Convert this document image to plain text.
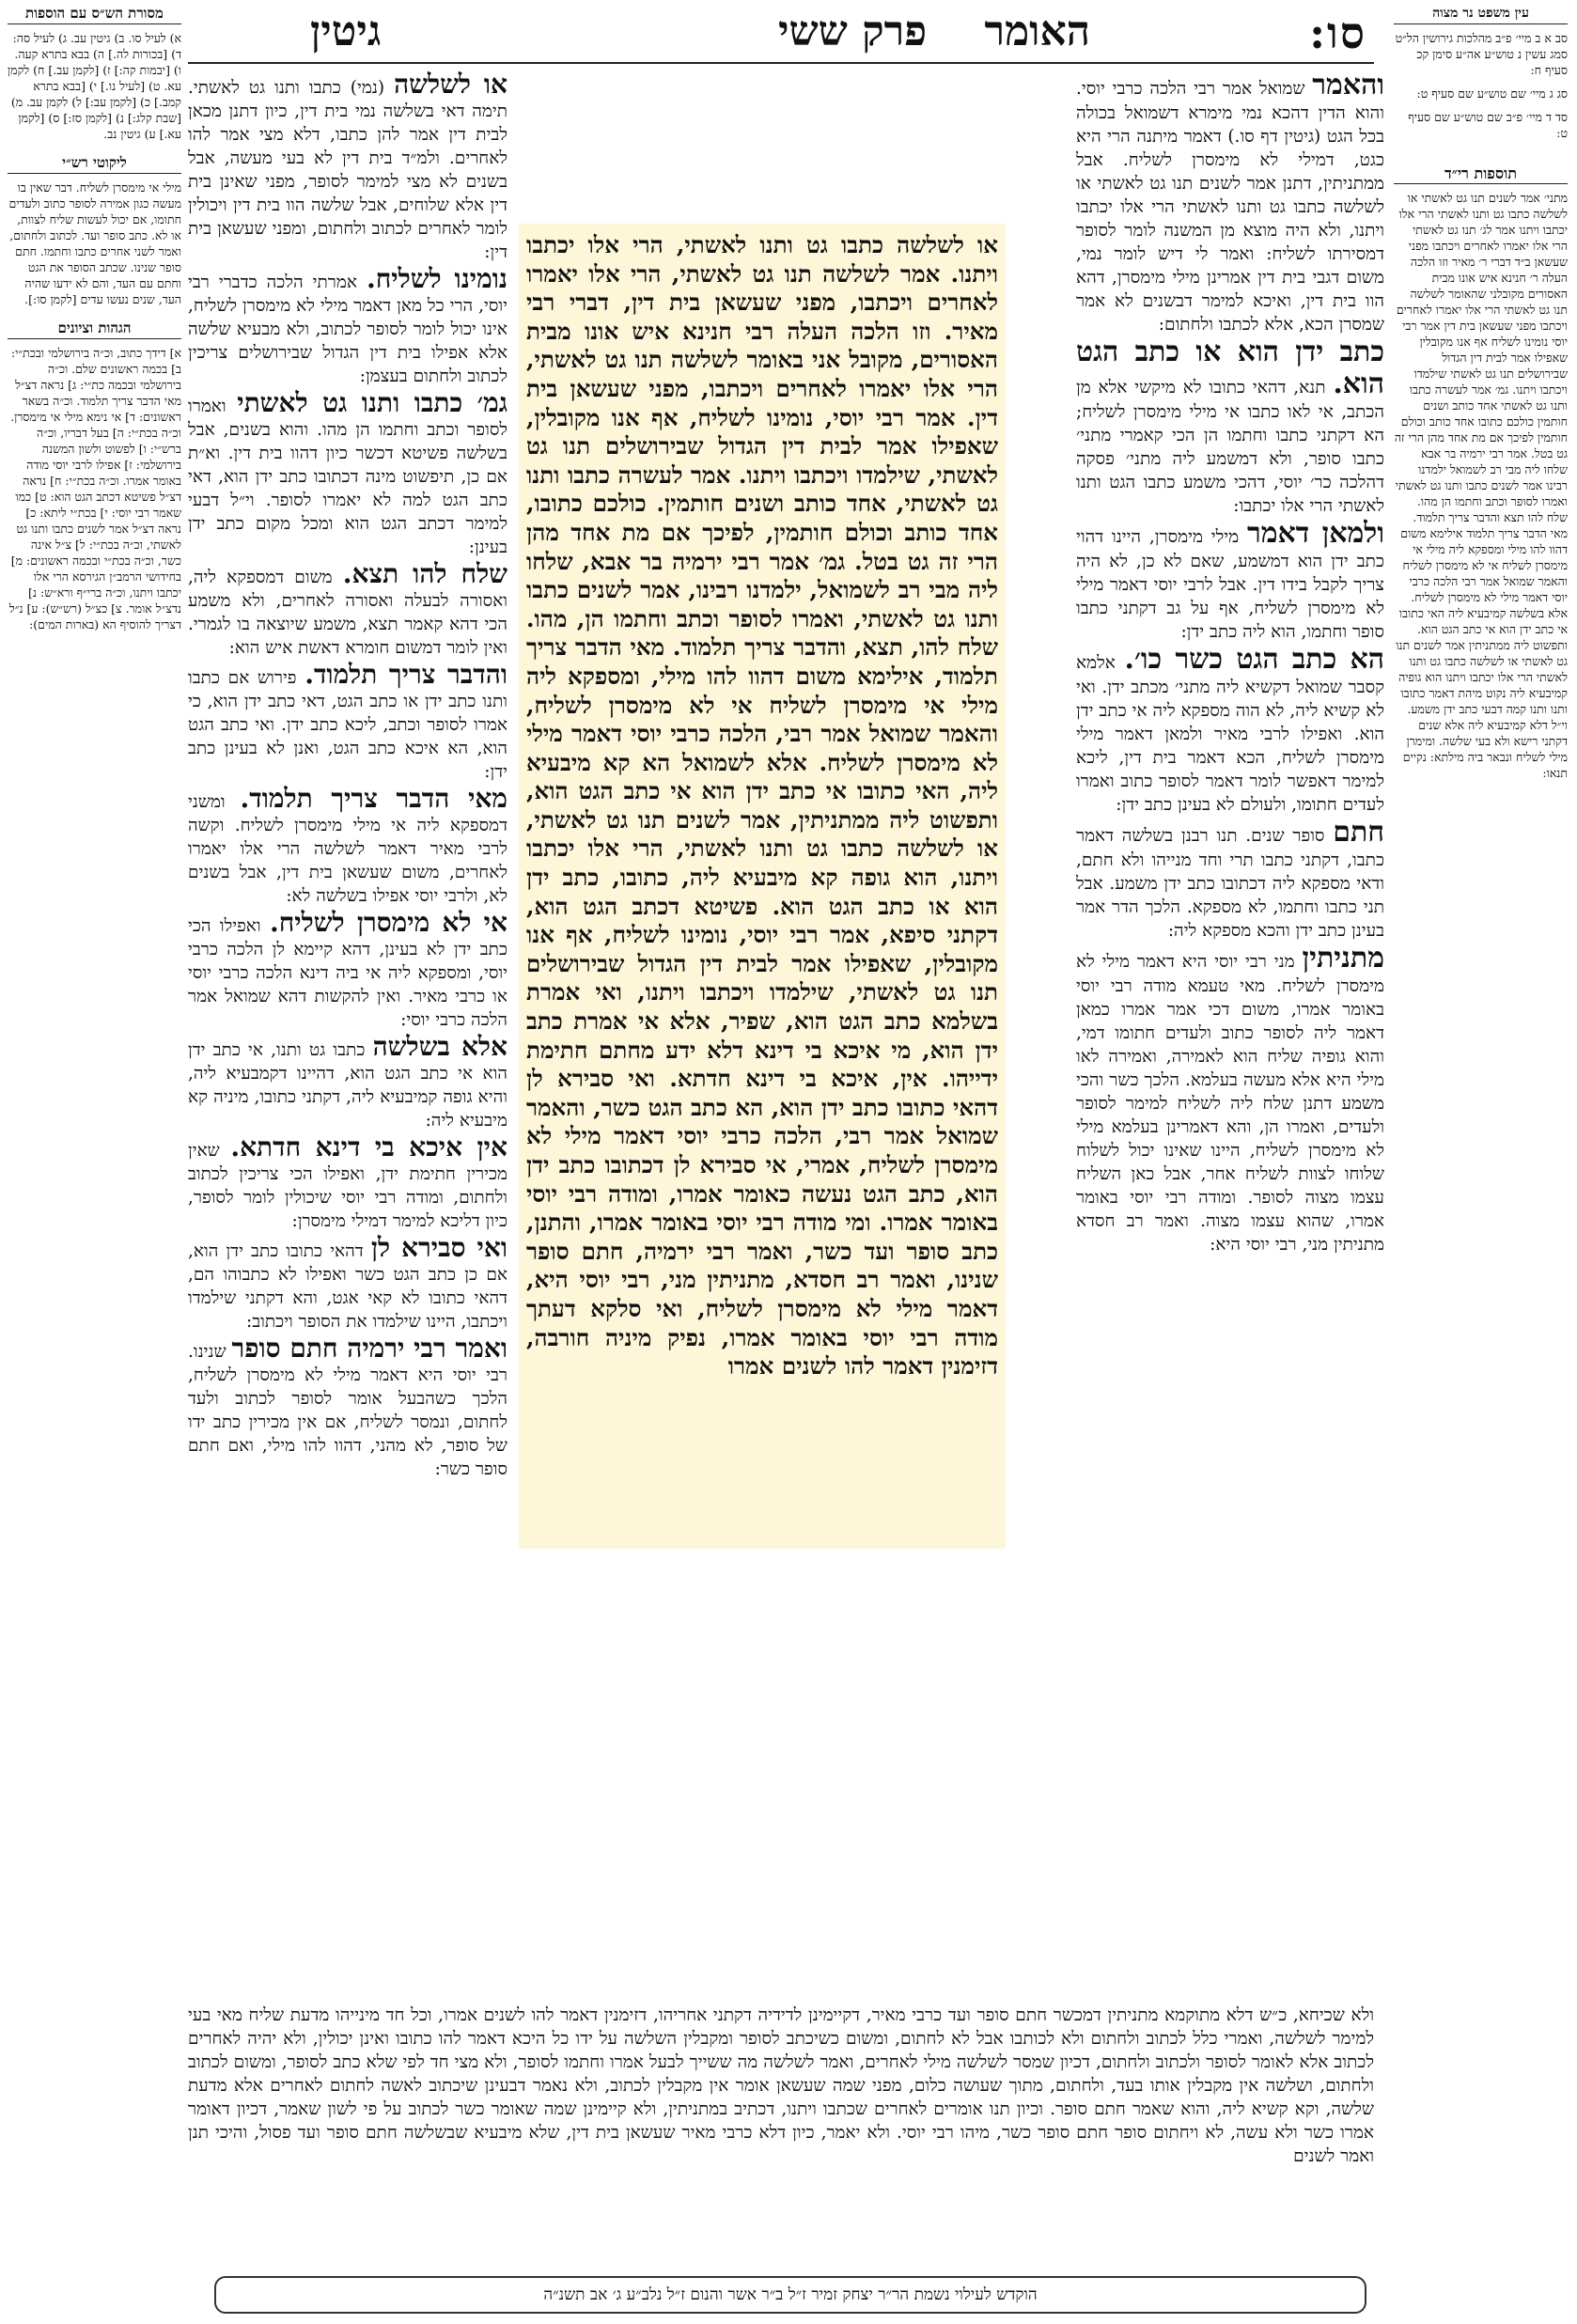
סו:
האומר    פרק ששי
גיטין	עין משפט נר מצוה

סב א ב מיי׳ פ״ב מהלכות גירושין הל״ט סמג עשין נ טוש״ע אה״ע סימן קכ סעיף ח:

סג ג מיי׳ שם טוש״ע שם סעיף ט:

סד ד מיי׳ פ״ב שם טוש״ע שם סעיף ט:

תוספות רי״ד

מתני׳ אמר לשנים תנו גט לאשתי או לשלשה כתבו גט ותנו לאשתי הרי אלו יכתבו ויתנו אמר לג׳ תנו גט לאשתי הרי אלו יאמרו לאחרים ויכתבו מפני שעשאן ב״ד דברי ר׳ מאיר וזו הלכה העלה ר׳ חנינא איש אונו מבית האסורים מקובלני שהאומר לשלשה תנו גט לאשתי הרי אלו יאמרו לאחרים ויכתבו מפני שעשאן בית דין אמר רבי יוסי נומינו לשליח אף אנו מקובלין שאפילו אמר לבית דין הגדול שבירושלים תנו גט לאשתי שילמדו ויכתבו ויתנו. גמ׳ אמר לעשרה כתבו ותנו גט לאשתי אחד כותב ושנים חותמין כולכם כתובו אחד כותב וכולם חותמין לפיכך אם מת אחד מהן הרי זה גט בטל. אמר רבי ירמיה בר אבא שלחו ליה מבי רב לשמואל ילמדנו רבינו אמר לשנים כתבו ותנו גט לאשתי ואמרו לסופר וכתב וחתמו הן מהו. שלח להו תצא והדבר צריך תלמוד. מאי הדבר צריך תלמוד אילימא משום דהוו להו מילי ומספקא ליה מילי אי מימסרן לשליח אי לא מימסרן לשליח והאמר שמואל אמר רבי הלכה כרבי יוסי דאמר מילי לא מימסרן לשליח. אלא בשלשה קמיבעיא ליה האי כתובו אי כתב ידן הוא אי כתב הגט הוא. ותפשוט ליה ממתניתין אמר לשנים תנו גט לאשתי או לשלשה כתבו גט ותנו לאשתי הרי אלו יכתבו ויתנו הוא גופיה קמיבעיא ליה נקוט מיהת דאמר כתובו ותנו ותנו קמה דבעי כתב ידן משמע. וי״ל דלא קמיבעיא ליה אלא שנים דקתני רישא ולא בעי שלשה. ומימרן מילי לשליח ונבאר ביה מילתא: נקיים תנאו:

והאמר שמואל אמר רבי הלכה כרבי יוסי. והוא הדין דהכא נמי מימרא דשמואל בכולה בכל הגט (גיטין דף סו.) דאמר מיתנה הרי היא כגט, דמילי לא מימסרן לשליח. אבל ממתניתין, דתנן אמר לשנים תנו גט לאשתי או לשלשה כתבו גט ותנו לאשתי הרי אלו יכתבו ויתנו, ולא היה מוצא מן המשנה לומר לסופר דמסירתו לשליח: ואמר לי דיש לומר נמי, משום דגבי בית דין אמרינן מילי מימסרן, דהא הוו בית דין, ואיכא למימר דבשנים לא אמר שמסרן הכא, אלא לכתבו ולחתום:

כתב ידן הוא או כתב הגט הוא. תנא, דהאי כתובו לא מיקשי אלא מן הכתב, אי לאו כתבו אי מילי מימסרן לשליח; הא דקתני כתבו וחתמו הן הכי קאמרי מתני׳ כתבו סופר, ולא דמשמע ליה מתני׳ פסקה דהלכה כר׳ יוסי, דהכי משמע כתבו הגט ותנו לאשתי הרי אלו יכתבו:

ולמאן דאמר מילי מימסרן, היינו דהוי כתב ידן הוא דמשמע, שאם לא כן, לא היה צריך לקבל בידו דין. אבל לרבי יוסי דאמר מילי לא מימסרן לשליח, אף על גב דקתני כתבו סופר וחתמו, הוא ליה כתב ידן:

הא כתב הגט כשר כו׳. אלמא קסבר שמואל דקשיא ליה מתני׳ מכתב ידן. ואי לא קשיא ליה, לא הוה מספקא ליה אי כתב ידן הוא. ואפילו לרבי מאיר ולמאן דאמר מילי מימסרן לשליח, הכא דאמר בית דין, ליכא למימר דאפשר לומר דאמר לסופר כתוב ואמרו לעדים חתומו, ולעולם לא בעינן כתב ידן:

חתם סופר שנים. תנו רבנן בשלשה דאמר כתבו, דקתני כתבו תרי וחד מנייהו ולא חתם, ודאי מספקא ליה דכתובו כתב ידן משמע. אבל תני כתבו וחתמו, לא מספקא. הלכך הדר אמר בעינן כתב ידן והכא מספקא ליה:

מתניתין מני רבי יוסי היא דאמר מילי לא מימסרן לשליח. מאי טעמא מודה רבי יוסי באומר אמרו, משום דכי אמר אמרו כמאן דאמר ליה לסופר כתוב ולעדים חתומו דמי, והוא גופיה שליח הוא לאמירה, ואמירה לאו מילי היא אלא מעשה בעלמא. הלכך כשר והכי משמע דתנן שלח ליה לשליח למימר לסופר ולעדים, ואמרו הן, והא דאמרינן בעלמא מילי לא מימסרן לשליח, היינו שאינו יכול לשלוח שלוחו לצוות לשליח אחר, אבל כאן השליח עצמו מצוה לסופר. ומודה רבי יוסי באומר אמרו, שהוא עצמו מצוה. ואמר רב חסדא מתניתין מני, רבי יוסי היא:

או לשלשה כתבו גט ותנו לאשתי, הרי אלו יכתבו ויתנו. אמר לשלשה תנו גט לאשתי, הרי אלו יאמרו לאחרים ויכתבו, מפני שעשאן בית דין, דברי רבי מאיר. וזו הלכה העלה רבי חנינא איש אונו מבית האסורים, מקובל אני באומר לשלשה תנו גט לאשתי, הרי אלו יאמרו לאחרים ויכתבו, מפני שעשאן בית דין. אמר רבי יוסי, נומינו לשליח, אף אנו מקובלין, שאפילו אמר לבית דין הגדול שבירושלים תנו גט לאשתי, שילמדו ויכתבו ויתנו. אמר לעשרה כתבו ותנו גט לאשתי, אחד כותב ושנים חותמין. כולכם כתובו, אחד כותב וכולם חותמין, לפיכך אם מת אחד מהן הרי זה גט בטל. גמ׳ אמר רבי ירמיה בר אבא, שלחו ליה מבי רב לשמואל, ילמדנו רבינו, אמר לשנים כתבו ותנו גט לאשתי, ואמרו לסופר וכתב וחתמו הן, מהו. שלח להו, תצא, והדבר צריך תלמוד. מאי הדבר צריך תלמוד, אילימא משום דהוו להו מילי, ומספקא ליה מילי אי מימסרן לשליח אי לא מימסרן לשליח, והאמר שמואל אמר רבי, הלכה כרבי יוסי דאמר מילי לא מימסרן לשליח. אלא לשמואל הא קא מיבעיא ליה, האי כתובו אי כתב ידן הוא אי כתב הגט הוא, ותפשוט ליה ממתניתין, אמר לשנים תנו גט לאשתי, או לשלשה כתבו גט ותנו לאשתי, הרי אלו יכתבו ויתנו, הוא גופה קא מיבעיא ליה, כתובו, כתב ידן הוא או כתב הגט הוא. פשיטא דכתב הגט הוא, דקתני סיפא, אמר רבי יוסי, נומינו לשליח, אף אנו מקובלין, שאפילו אמר לבית דין הגדול שבירושלים תנו גט לאשתי, שילמדו ויכתבו ויתנו, ואי אמרת בשלמא כתב הגט הוא, שפיר, אלא אי אמרת כתב ידן הוא, מי איכא בי דינא דלא ידע מחתם חתימת ידייהו. אין, איכא בי דינא חדתא. ואי סבירא לן דהאי כתובו כתב ידן הוא, הא כתב הגט כשר, והאמר שמואל אמר רבי, הלכה כרבי יוסי דאמר מילי לא מימסרן לשליח, אמרי, אי סבירא לן דכתובו כתב ידן הוא, כתב הגט נעשה כאומר אמרו, ומודה רבי יוסי באומר אמרו. ומי מודה רבי יוסי באומר אמרו, והתנן, כתב סופר ועד כשר, ואמר רבי ירמיה, חתם סופר שנינו, ואמר רב חסדא, מתניתין מני, רבי יוסי היא, דאמר מילי לא מימסרן לשליח, ואי סלקא דעתך מודה רבי יוסי באומר אמרו, נפיק מיניה חורבה, דזימנין דאמר להו לשנים אמרו

או לשלשה (נמי) כתבו ותנו גט לאשתי. תימה דאי בשלשה נמי בית דין, כיון דתנן מכאן לבית דין אמר להן כתבו, דלא מצי אמר להו לאחרים. ולמ״ד בית דין לא בעי מעשה, אבל בשנים לא מצי למימר לסופר, מפני שאינן בית דין אלא שלוחים, אבל שלשה הוו בית דין ויכולין לומר לאחרים לכתוב ולחתום, ומפני שעשאן בית דין:

נומינו לשליח. אמרתי הלכה כדברי רבי יוסי, הרי כל מאן דאמר מילי לא מימסרן לשליח, אינו יכול לומר לסופר לכתוב, ולא מבעיא שלשה אלא אפילו בית דין הגדול שבירושלים צריכין לכתוב ולחתום בעצמן:

גמ׳ כתבו ותנו גט לאשתי ואמרו לסופר וכתב וחתמו הן מהו. והוא בשנים, אבל בשלשה פשיטא דכשר כיון דהוו בית דין. וא״ת אם כן, תיפשוט מינה דכתובו כתב ידן הוא, דאי כתב הגט למה לא יאמרו לסופר. וי״ל דבעי למימר דכתב הגט הוא ומכל מקום כתב ידן בעינן:

שלח להו תצא. משום דמספקא ליה, ואסורה לבעלה ואסורה לאחרים, ולא משמע הכי דהא קאמר תצא, משמע שיוצאה בו לגמרי. ואין לומר דמשום חומרא דאשת איש הוא:

והדבר צריך תלמוד. פירוש אם כתבו ותנו כתב ידן או כתב הגט, דאי כתב ידן הוא, כי אמרו לסופר וכתב, ליכא כתב ידן. ואי כתב הגט הוא, הא איכא כתב הגט, ואנן לא בעינן כתב ידן:

מאי הדבר צריך תלמוד. ומשני דמספקא ליה אי מילי מימסרן לשליח. וקשה לרבי מאיר דאמר לשלשה הרי אלו יאמרו לאחרים, משום שעשאן בית דין, אבל בשנים לא, ולרבי יוסי אפילו בשלשה לא:

אי לא מימסרן לשליח. ואפילו הכי כתב ידן לא בעינן, דהא קיימא לן הלכה כרבי יוסי, ומספקא ליה אי ביה דינא הלכה כרבי יוסי או כרבי מאיר. ואין להקשות דהא שמואל אמר הלכה כרבי יוסי:

אלא בשלשה כתבו גט ותנו, אי כתב ידן הוא אי כתב הגט הוא, דהיינו דקמבעיא ליה, והיא גופה קמיבעיא ליה, דקתני כתובו, מיניה קא מיבעיא ליה:

אין איכא בי דינא חדתא. שאין מכירין חתימת ידן, ואפילו הכי צריכין לכתוב ולחתום, ומודה רבי יוסי שיכולין לומר לסופר, כיון דליכא למימר דמילי מימסרן:

ואי סבירא לן דהאי כתובו כתב ידן הוא, אם כן כתב הגט כשר ואפילו לא כתבוהו הם, דהאי כתובו לא קאי אגט, והא דקתני שילמדו ויכתבו, היינו שילמדו את הסופר ויכתוב:

ואמר רבי ירמיה חתם סופר שנינו. רבי יוסי היא דאמר מילי לא מימסרן לשליח, הלכך כשהבעל אומר לסופר לכתוב ולעד לחתום, ונמסר לשליח, אם אין מכירין כתב ידו של סופר, לא מהני, דהוו להו מילי, ואם חתם סופר כשר:

ולא שכיחא, כ״ש דלא מתוקמא מתניתין דמכשר חתם סופר ועד כרבי מאיר, דקיימינן לדידיה דקתני אחריהו, דזימנין דאמר להו לשנים אמרו, וכל חד מינייהו מדעת שליח מאי בעי למימר לשלשה, ואמרי כלל לכתוב ולחתום ולא לכותבו אבל לא לחתום, ומשום כשיכתב לסופר ומקבלין השלשה על ידו כל היכא דאמר להו כתובו ואינן יכולין, ולא יהיה לאחרים לכתוב אלא לאומר לסופר ולכתוב ולחתום, דכיון שמסר לשלשה מילי לאחרים, ואמר לשלשה מה ששייך לבעל אמרו וחתמו לסופר, ולא מצי חד לפי שלא כתב לסופר, ומשום לכתוב ולחתום, ושלשה אין מקבלין אותו בעד, ולחתום, מתוך שעושה כלום, מפני שמה שעשאן אומר אין מקבלין לכתוב, ולא נאמר דבעינן שיכתוב לאשה לחתום לאחרים אלא מדעת שלשה, וקא קשיא ליה, והוא שאמר חתם סופר. וכיון תנו אומרים לאחרים שכתבו ויתנו, דכתיב במתניתין, ולא קיימינן שמה שאומר כשר לכתוב על פי לשון שאמר, דכיון דאומר אמרו כשר ולא עשה, לא ויחתום סופר חתם סופר כשר, מיהו רבי יוסי. ולא יאמר, כיון דלא כרבי מאיר שעשאן בית דין, שלא מיבעיא שבשלשה חתם סופר ועד פסול, והיכי תנן ואמר לשנים

מסורת הש״ס עם הוספות

א) לעיל סו. ב) גיטין עב. ג) לעיל סה: ד) [בכורות לה.] ה) בבא בתרא קעה. ו) [יבמות קה:] ז) [לקמן עב.] ח) לקמן עא. ט) [לעיל נו.] י) [בבא בתרא קמב.] כ) [לקמן עב:] ל) לקמן עב. מ) [שבת קלג:] נ) [לקמן סז:] ס) [לקמן עא.] ע) גיטין נב.

ליקוטי רש״י

מילי אי מימסרן לשליח. דבר שאין בו מעשה כגון אמירה לסופר כתוב ולעדים חתומו, אם יכול לעשות שליח לצוות, או לא. כתב סופר ועד. לכתוב ולחתום, ואמר לשני אחרים כתבו וחתמו. חתם סופר שנינו. שכתב הסופר את הגט וחתם עם העד, והם לא ידעו שהיה העד, שנים נעשו עדים [לקמן סו:].

הגהות וציונים

א] דידך כתוב, וכ״ה בירושלמי ובכת״י: ב] בכמה ראשונים שלם. וכ״ה בירושלמי ובכמה כת״י: ג] נראה דצ״ל מאי הדבר צריך תלמוד. וכ״ה בשאר ראשונים: ד] אי נימא מילי אי מימסרן. וכ״ה בכת״י: ה] בעל דבריו, וכ״ה ברש״י: ו] לפשוט ולשון המשנה בירושלמי: ז] אפילו לרבי יוסי מודה באומר אמרו. וכ״ה בכת״י: ח] נראה דצ״ל פשיטא דכתב הגט הוא: ט] כמו שאמר רבי יוסי: י] בכת״י ליתא: כ] נראה דצ״ל אמר לשנים כתבו ותנו גט לאשתי, וכ״ה בכת״י: ל] צ״ל אינה כשר, וכ״ה בכת״י ובכמה ראשונים: מ] בחידושי הרמב״ן הגירסא הרי אלו יכתבו ויתנו, וכ״ה ברי״ף ורא״ש: נ] נדצ״ל אומר. צ] כצ״ל (רש״ש): ע] נ״ל דצריך להוסיף הא (בארות המים):

הוקדש לעילוי נשמת הר״ר יצחק זמיר ז״ל ב״ר אשר והנום ז״ל נלב״ע ג׳ אב תשנ״ה
